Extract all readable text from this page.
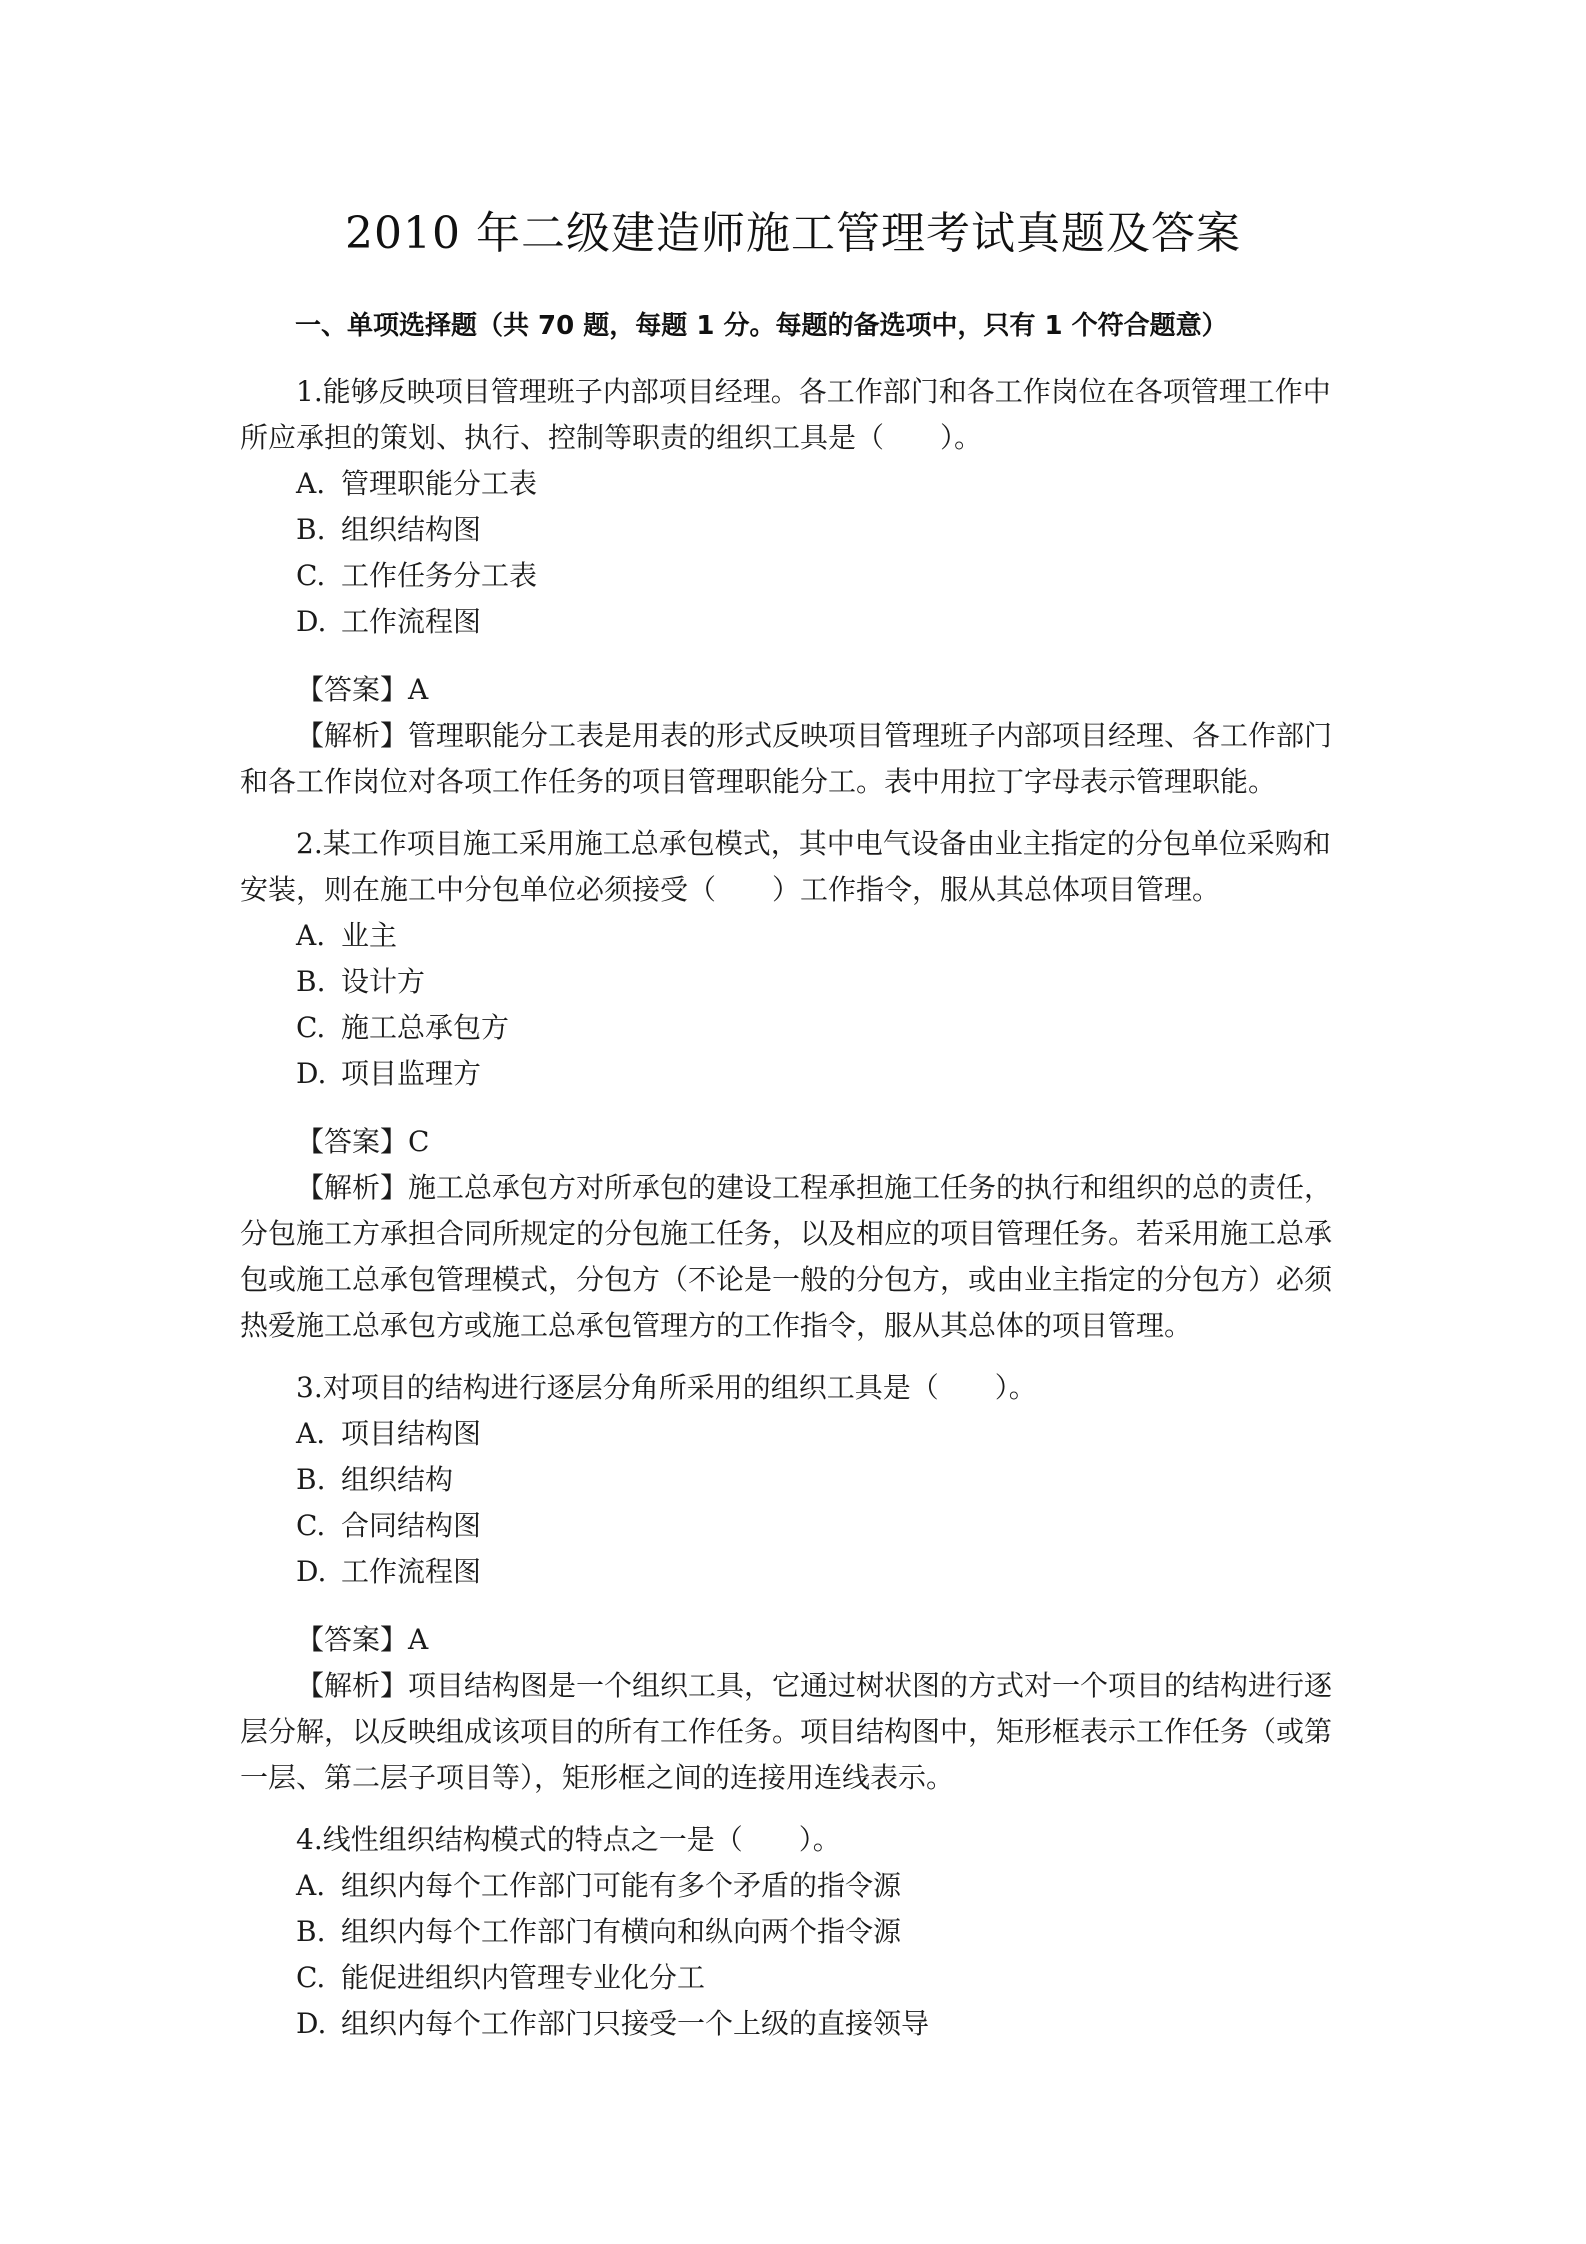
2010 年二级建造师施工管理考试真题及答案
一、单项选择题（共 70 题，每题 1 分。每题的备选项中，只有 1 个符合题意）

1.能够反映项目管理班子内部项目经理。各工作部门和各工作岗位在各项管理工作中所应承担的策划、执行、控制等职责的组织工具是（　　）。

A. 管理职能分工表

B. 组织结构图

C. 工作任务分工表

D. 工作流程图

【答案】A

【解析】管理职能分工表是用表的形式反映项目管理班子内部项目经理、各工作部门和各工作岗位对各项工作任务的项目管理职能分工。表中用拉丁字母表示管理职能。

2.某工作项目施工采用施工总承包模式，其中电气设备由业主指定的分包单位采购和安装，则在施工中分包单位必须接受（　　）工作指令，服从其总体项目管理。

A. 业主

B. 设计方

C. 施工总承包方

D. 项目监理方

【答案】C

【解析】施工总承包方对所承包的建设工程承担施工任务的执行和组织的总的责任，分包施工方承担合同所规定的分包施工任务，以及相应的项目管理任务。若采用施工总承包或施工总承包管理模式，分包方（不论是一般的分包方，或由业主指定的分包方）必须热爱施工总承包方或施工总承包管理方的工作指令，服从其总体的项目管理。

3.对项目的结构进行逐层分角所采用的组织工具是（　　）。

A. 项目结构图

B. 组织结构

C. 合同结构图

D. 工作流程图

【答案】A

【解析】项目结构图是一个组织工具，它通过树状图的方式对一个项目的结构进行逐层分解，以反映组成该项目的所有工作任务。项目结构图中，矩形框表示工作任务（或第一层、第二层子项目等），矩形框之间的连接用连线表示。

4.线性组织结构模式的特点之一是（　　）。

A. 组织内每个工作部门可能有多个矛盾的指令源

B. 组织内每个工作部门有横向和纵向两个指令源

C. 能促进组织内管理专业化分工

D. 组织内每个工作部门只接受一个上级的直接领导
